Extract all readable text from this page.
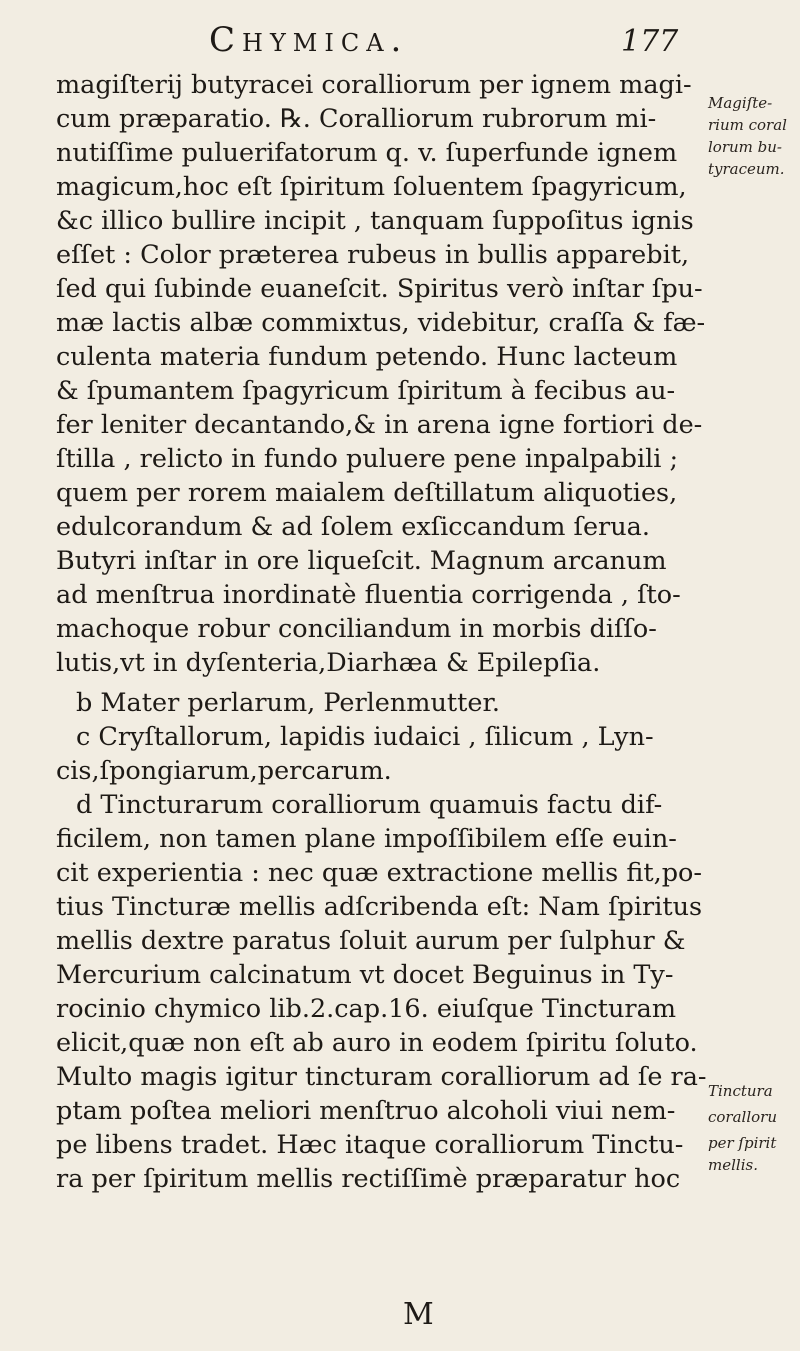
Chymica.	177
magiſterij butyracei coralliorum per ignem magi-
cum præparatio. ℞. Coralliorum rubrorum mi-
nutiſſime puluerifatorum q. v. ſuperfunde ignem
magicum,hoc eſt ſpiritum ſoluentem ſpagyricum,
&c illico bullire incipit , tanquam ſuppoſitus ignis
eſſet : Color præterea rubeus in bullis apparebit,
ſed qui ſubinde euaneſcit. Spiritus verò inſtar ſpu-
mæ lactis albæ commixtus, videbitur, craſſa & fæ-
culenta materia fundum petendo. Hunc lacteum
& ſpumantem ſpagyricum ſpiritum à fecibus au-
fer leniter decantando,& in arena igne fortiori de-
ſtilla , relicto in fundo puluere pene inpalpabili ;
quem per rorem maialem deſtillatum aliquoties,
edulcorandum & ad ſolem exſiccandum ſerua.
Butyri inſtar in ore liqueſcit. Magnum arcanum
ad menſtrua inordinatè fluentia corrigenda , ſto-
machoque robur conciliandum in morbis diſſo-
lutis,vt in dyſenteria,Diarhæa & Epilepſia.
b Mater perlarum, Perlenmutter.
c Cryſtallorum, lapidis iudaici , ſilicum , Lyn-
cis,ſpongiarum,percarum.
d Tincturarum coralliorum quamuis factu dif-
ficilem, non tamen plane impoſſibilem eſſe euin-
cit experientia : nec quæ extractione mellis fit,po-
tius Tincturæ mellis adſcribenda eſt: Nam ſpiritus
mellis dextre paratus ſoluit aurum per ſulphur &
Mercurium calcinatum vt docet Beguinus in Ty-
rocinio chymico lib.2.cap.16. eiuſque Tincturam
elicit,quæ non eſt ab auro in eodem ſpiritu ſoluto.
Multo magis igitur tincturam coralliorum ad ſe ra-
ptam poſtea meliori menſtruo alcoholi viui nem-
pe libens tradet. Hæc itaque coralliorum Tinctu-
ra per ſpiritum mellis rectiſſimè præparatur hoc
Magiſte-
rium coral
lorum bu-
tyraceum.
Tinctura
coralloru
per ſpirit
mellis.
M
